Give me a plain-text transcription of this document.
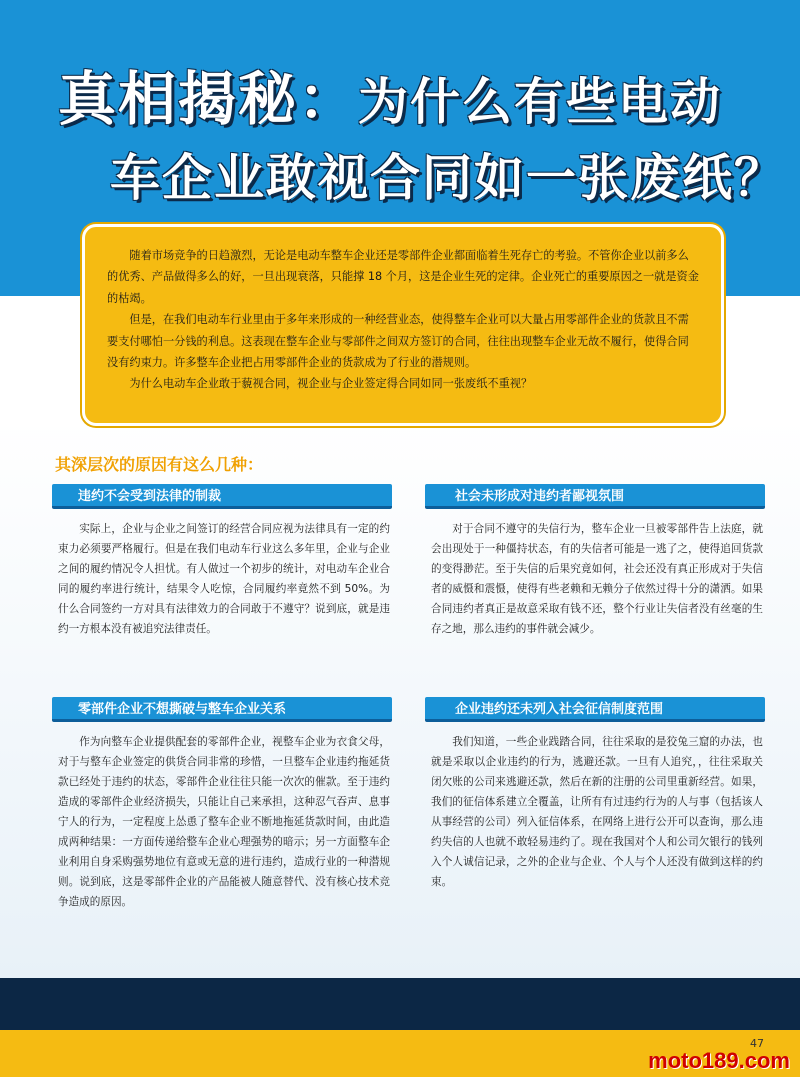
真相揭秘：为什么有些电动
车企业敢视合同如一张废纸？

随着市场竞争的日趋激烈，无论是电动车整车企业还是零部件企业都面临着生死存亡的考验。不管你企业以前多么的优秀、产品做得多么的好，一旦出现衰落，只能撑 18 个月，这是企业生死的定律。企业死亡的重要原因之一就是资金的枯竭。

但是，在我们电动车行业里由于多年来形成的一种经营业态，使得整车企业可以大量占用零部件企业的货款且不需要支付哪怕一分钱的利息。这表现在整车企业与零部件之间双方签订的合同，往往出现整车企业无故不履行，使得合同没有约束力。许多整车企业把占用零部件企业的货款成为了行业的潜规则。

为什么电动车企业敢于藐视合同，视企业与企业签定得合同如同一张废纸不重视？

其深层次的原因有这么几种：
违约不会受到法律的制裁

实际上，企业与企业之间签订的经营合同应视为法律具有一定的约束力必须要严格履行。但是在我们电动车行业这么多年里，企业与企业之间的履约情况令人担忧。有人做过一个初步的统计，对电动车企业合同的履约率进行统计，结果令人吃惊，合同履约率竟然不到 50%。为什么合同签约一方对具有法律效力的合同敢于不遵守？说到底，就是违约一方根本没有被追究法律责任。

零部件企业不想撕破与整车企业关系

作为向整车企业提供配套的零部件企业，视整车企业为衣食父母，对于与整车企业签定的供货合同非常的珍惜，一旦整车企业违约拖延货款已经处于违约的状态，零部件企业往往只能一次次的催款。至于违约造成的零部件企业经济损失，只能让自己来承担，这种忍气吞声、息事宁人的行为，一定程度上怂恿了整车企业不断地拖延货款时间，由此造成两种结果：一方面传递给整车企业心理强势的暗示；另一方面整车企业利用自身采购强势地位有意或无意的进行违约，造成行业的一种潜规则。说到底，这是零部件企业的产品能被人随意替代、没有核心技术竞争造成的原因。

社会未形成对违约者鄙视氛围

对于合同不遵守的失信行为，整车企业一旦被零部件告上法庭，就会出现处于一种僵持状态，有的失信者可能是一逃了之，使得追回货款的变得渺茫。至于失信的后果究竟如何，社会还没有真正形成对于失信者的威慑和震慑，使得有些老赖和无赖分子依然过得十分的潇洒。如果合同违约者真正是故意采取有钱不还，整个行业让失信者没有丝毫的生存之地，那么违约的事件就会减少。

企业违约还未列入社会征信制度范围

我们知道，一些企业践踏合同，往往采取的是狡兔三窟的办法，也就是采取以企业违约的行为，逃避还款。一旦有人追究，，往往采取关闭欠账的公司来逃避还款，然后在新的注册的公司里重新经营。如果，我们的征信体系建立全覆盖，让所有有过违约行为的人与事（包括该人从事经营的公司）列入征信体系，在网络上进行公开可以查询，那么违约失信的人也就不敢轻易违约了。现在我国对个人和公司欠银行的钱列入个人诚信记录，之外的企业与企业、个人与个人还没有做到这样的约束。

47
moto189.com
